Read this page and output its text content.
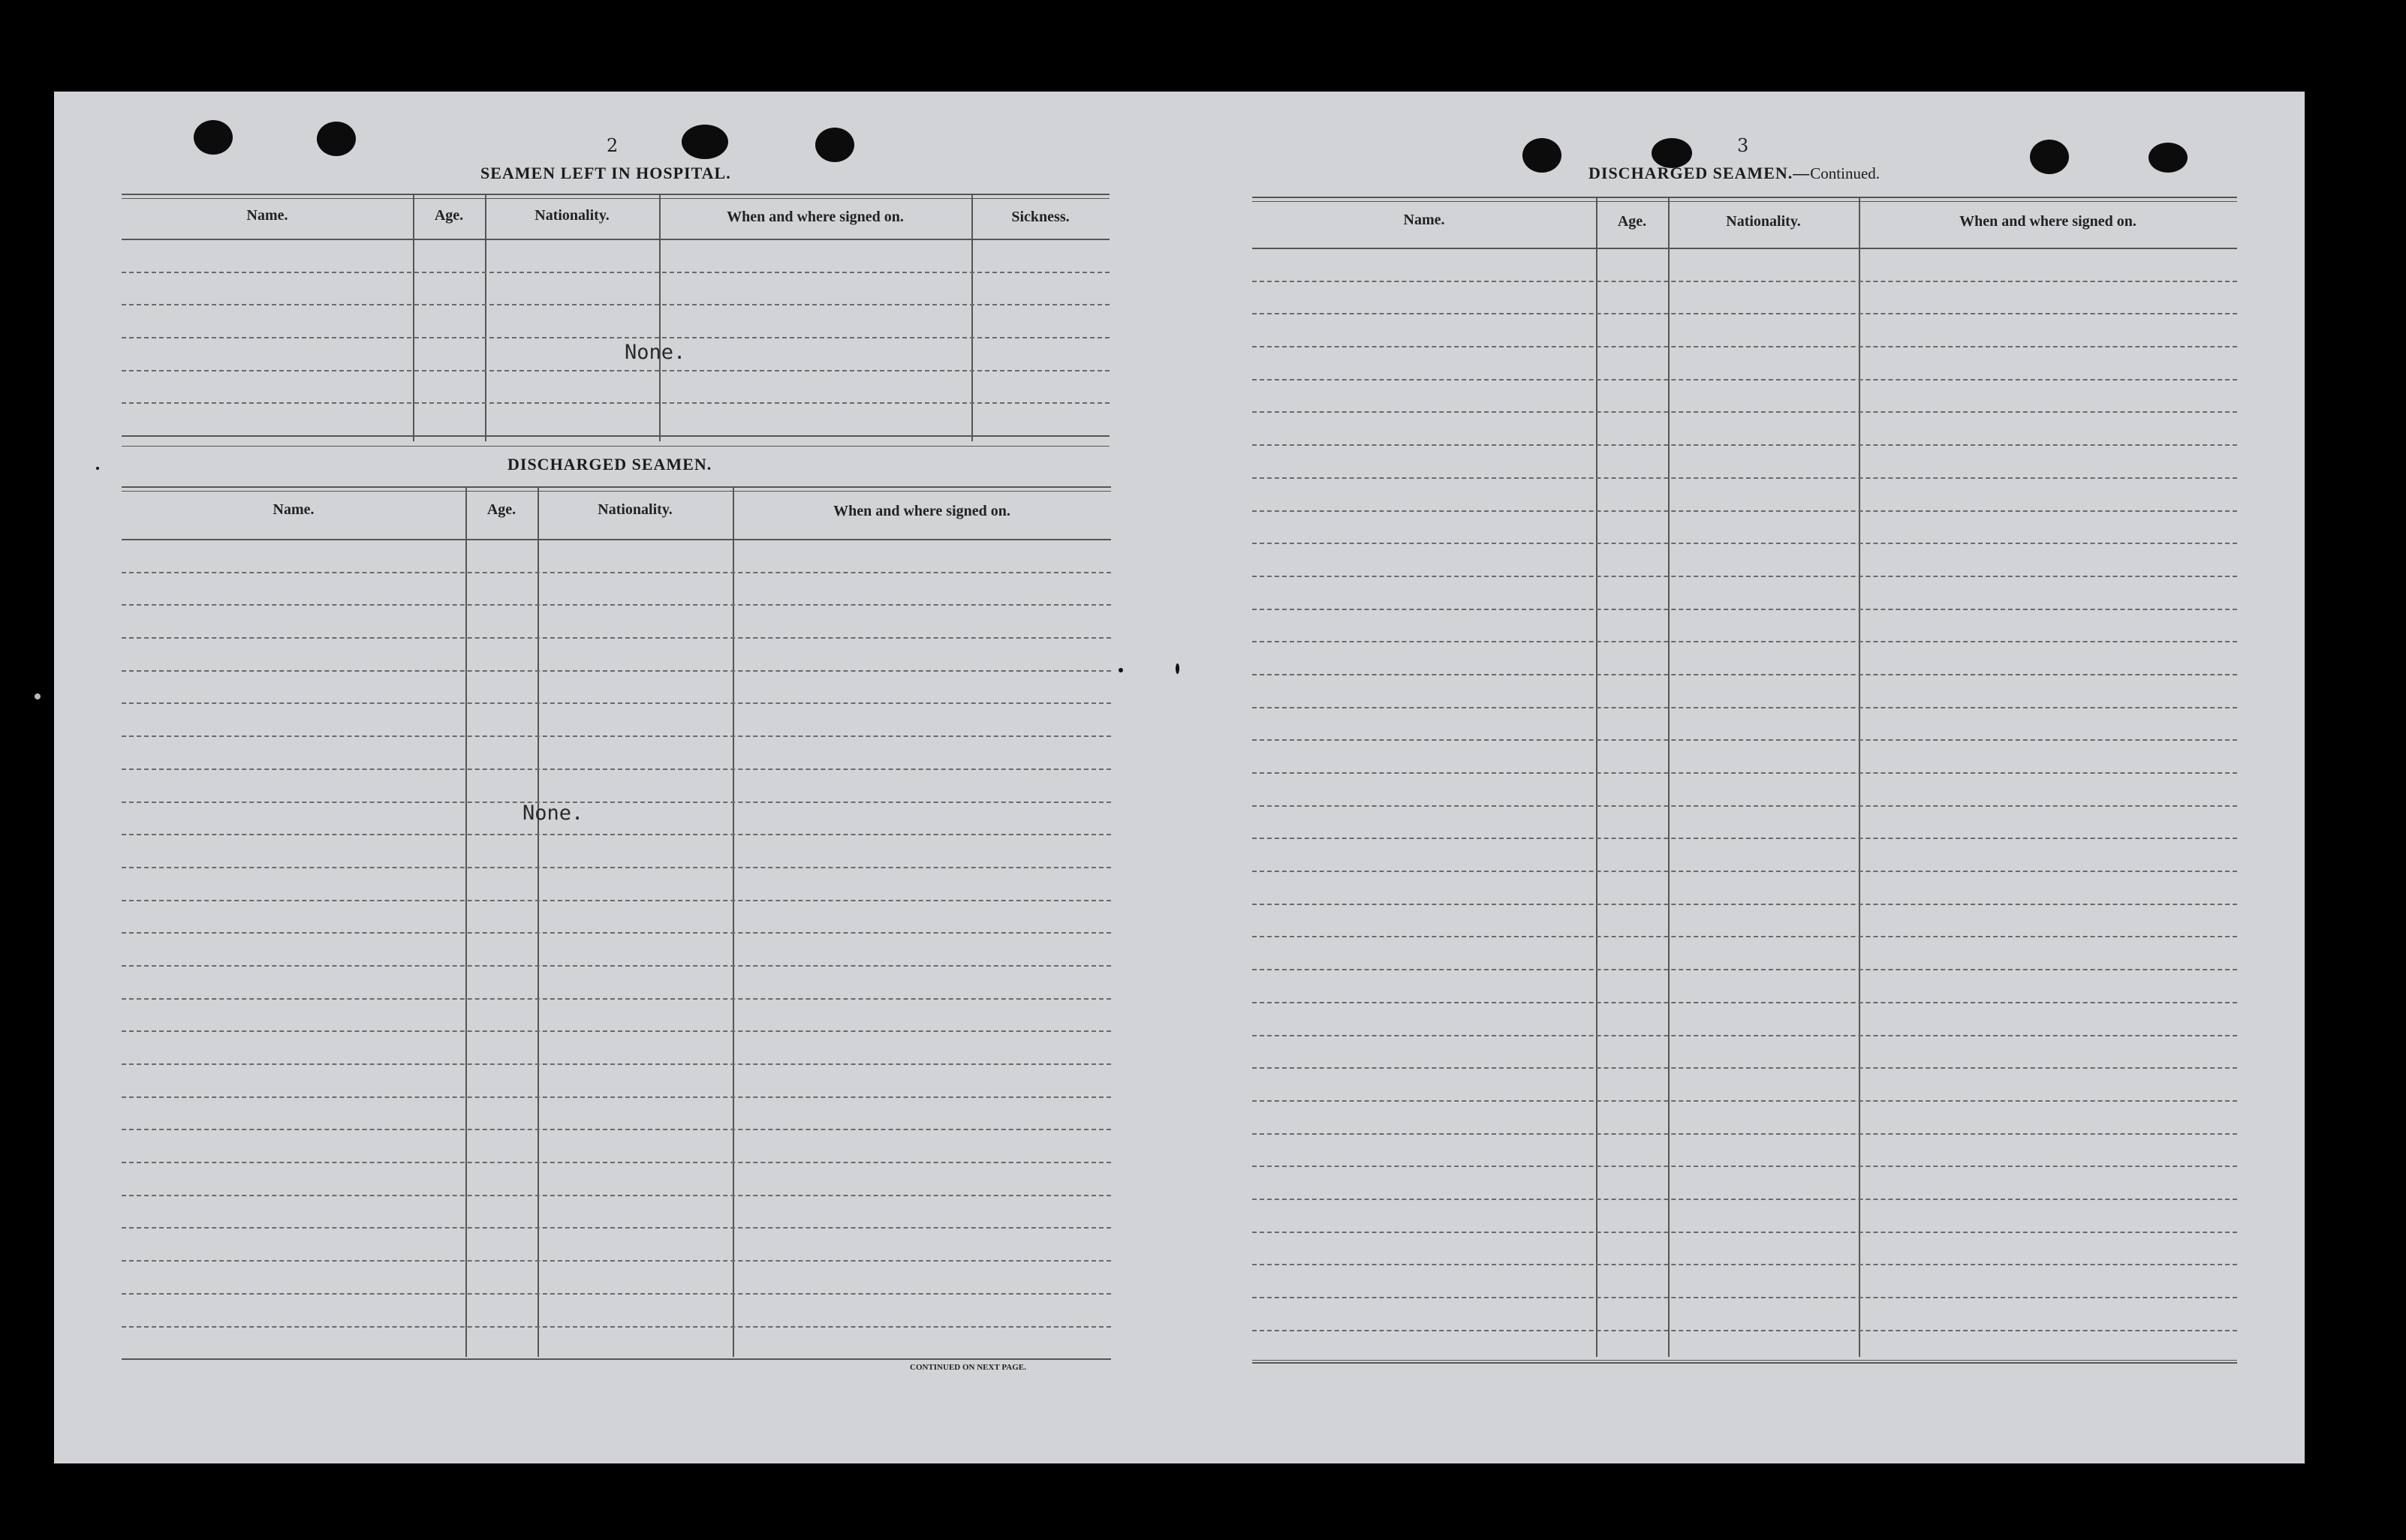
2
SEAMEN LEFT IN HOSPITAL.
Name.	Age.	Nationality.	When and where signed on.	Sickness.
None.
DISCHARGED SEAMEN.
Name.	Age.	Nationality.	When and where signed on.
None.
CONTINUED ON NEXT PAGE.
3
DISCHARGED SEAMEN.—Continued.
Name.	Age.	Nationality.	When and where signed on.
